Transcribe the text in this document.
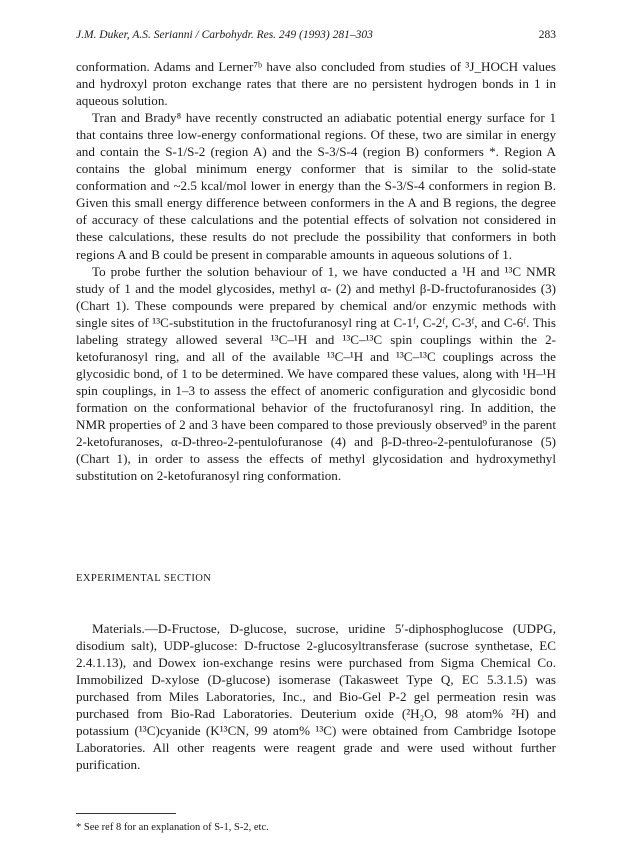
J.M. Duker, A.S. Serianni / Carbohydr. Res. 249 (1993) 281–303	283

conformation. Adams and Lerner⁷ᵇ have also concluded from studies of ³J_HOCH values and hydroxyl proton exchange rates that there are no persistent hydrogen bonds in 1 in aqueous solution.

Tran and Brady⁸ have recently constructed an adiabatic potential energy surface for 1 that contains three low-energy conformational regions. Of these, two are similar in energy and contain the S-1/S-2 (region A) and the S-3/S-4 (region B) conformers *. Region A contains the global minimum energy conformer that is similar to the solid-state conformation and ~2.5 kcal/mol lower in energy than the S-3/S-4 conformers in region B. Given this small energy difference between conformers in the A and B regions, the degree of accuracy of these calculations and the potential effects of solvation not considered in these calculations, these results do not preclude the possibility that conformers in both regions A and B could be present in comparable amounts in aqueous solutions of 1.

To probe further the solution behaviour of 1, we have conducted a ¹H and ¹³C NMR study of 1 and the model glycosides, methyl α- (2) and methyl β-D-fructofuranosides (3) (Chart 1). These compounds were prepared by chemical and/or enzymic methods with single sites of ¹³C-substitution in the fructofuranosyl ring at C-1ᶠ, C-2ᶠ, C-3ᶠ, and C-6ᶠ. This labeling strategy allowed several ¹³C–¹H and ¹³C–¹³C spin couplings within the 2-ketofuranosyl ring, and all of the available ¹³C–¹H and ¹³C–¹³C couplings across the glycosidic bond, of 1 to be determined. We have compared these values, along with ¹H–¹H spin couplings, in 1–3 to assess the effect of anomeric configuration and glycosidic bond formation on the conformational behavior of the fructofuranosyl ring. In addition, the NMR properties of 2 and 3 have been compared to those previously observed⁹ in the parent 2-ketofuranoses, α-D-threo-2-pentulofuranose (4) and β-D-threo-2-pentulofuranose (5) (Chart 1), in order to assess the effects of methyl glycosidation and hydroxymethyl substitution on 2-ketofuranosyl ring conformation.

EXPERIMENTAL SECTION

Materials.—D-Fructose, D-glucose, sucrose, uridine 5′-diphosphoglucose (UDPG, disodium salt), UDP-glucose: D-fructose 2-glucosyltransferase (sucrose synthetase, EC 2.4.1.13), and Dowex ion-exchange resins were purchased from Sigma Chemical Co. Immobilized D-xylose (D-glucose) isomerase (Takasweet Type Q, EC 5.3.1.5) was purchased from Miles Laboratories, Inc., and Bio-Gel P-2 gel permeation resin was purchased from Bio-Rad Laboratories. Deuterium oxide (²H₂O, 98 atom% ²H) and potassium (¹³C)cyanide (K¹³CN, 99 atom% ¹³C) were obtained from Cambridge Isotope Laboratories. All other reagents were reagent grade and were used without further purification.

* See ref 8 for an explanation of S-1, S-2, etc.
